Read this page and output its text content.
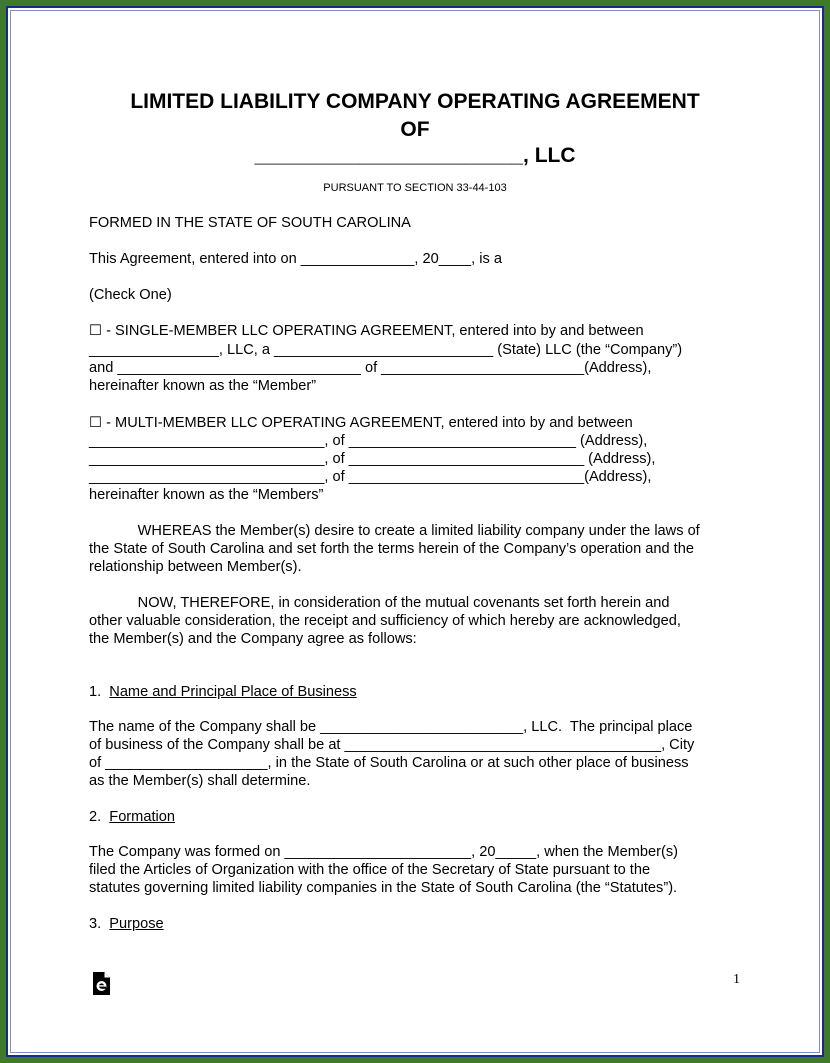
LIMITED LIABILITY COMPANY OPERATING AGREEMENT
OF
_______________________, LLC
PURSUANT TO SECTION 33-44-103
FORMED IN THE STATE OF SOUTH CAROLINA
This Agreement, entered into on ______________, 20____, is a
(Check One)
☐ - SINGLE-MEMBER LLC OPERATING AGREEMENT, entered into by and between
________________, LLC, a ___________________________ (State) LLC (the “Company”)
and ______________________________ of _________________________(Address),
hereinafter known as the “Member”
☐ - MULTI-MEMBER LLC OPERATING AGREEMENT, entered into by and between
_____________________________, of ____________________________ (Address),
_____________________________, of _____________________________ (Address),
_____________________________, of _____________________________(Address),
hereinafter known as the “Members”
WHEREAS the Member(s) desire to create a limited liability company under the laws of
the State of South Carolina and set forth the terms herein of the Company’s operation and the
relationship between Member(s).
NOW, THEREFORE, in consideration of the mutual covenants set forth herein and
other valuable consideration, the receipt and sufficiency of which hereby are acknowledged,
the Member(s) and the Company agree as follows:
1. Name and Principal Place of Business
The name of the Company shall be _________________________, LLC.  The principal place
of business of the Company shall be at _______________________________________, City
of ____________________, in the State of South Carolina or at such other place of business
as the Member(s) shall determine.
2. Formation
The Company was formed on _______________________, 20_____, when the Member(s)
filed the Articles of Organization with the office of the Secretary of State pursuant to the
statutes governing limited liability companies in the State of South Carolina (the “Statutes”).
3. Purpose
1
